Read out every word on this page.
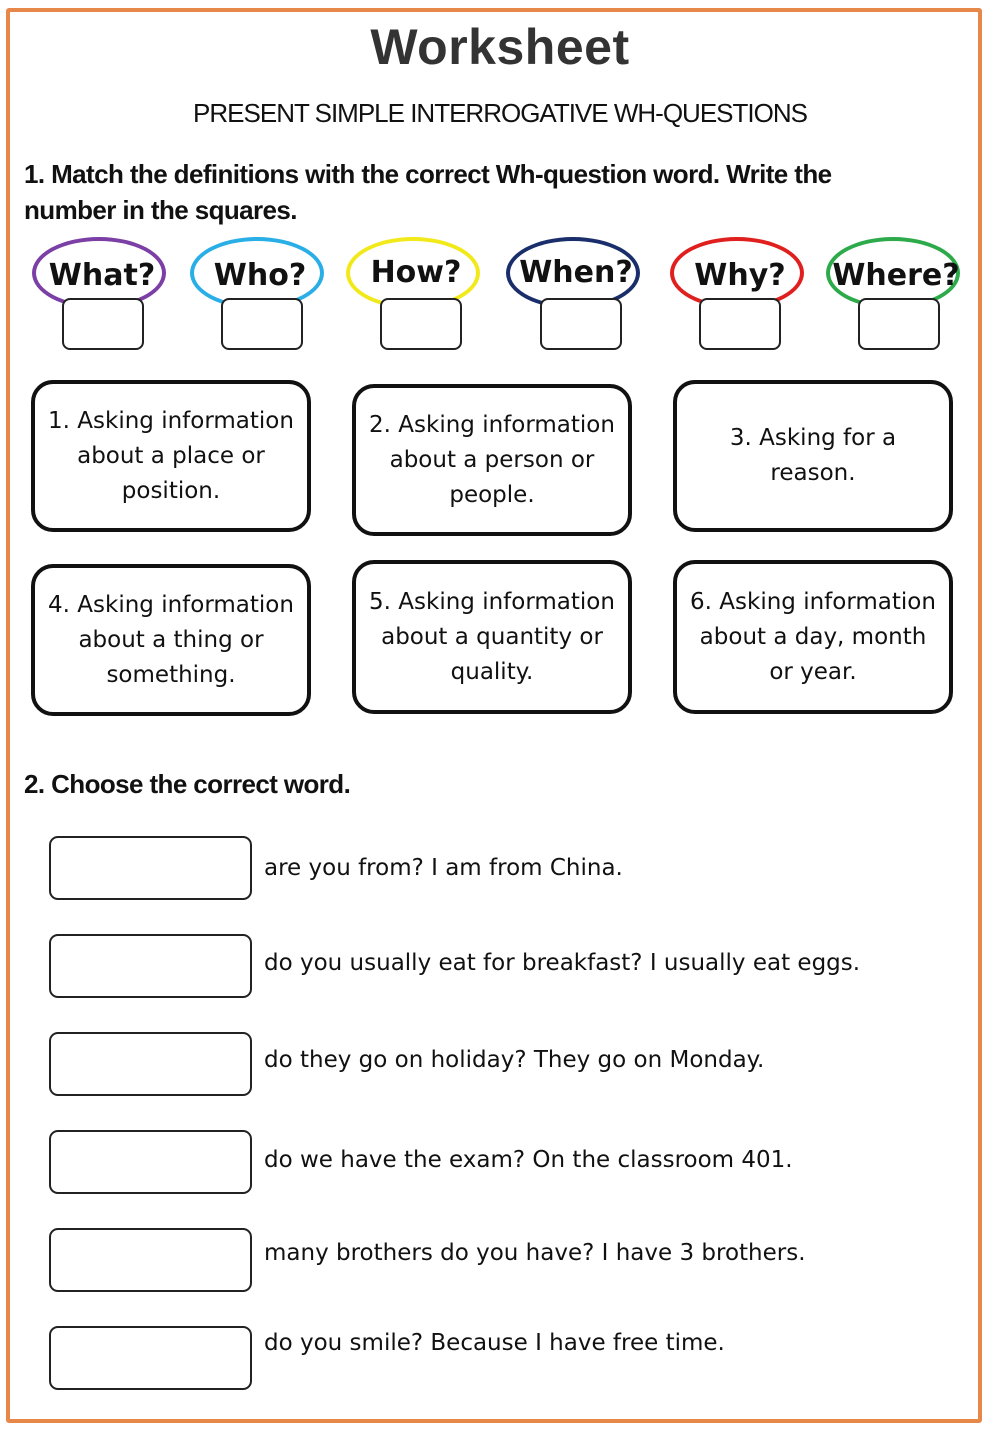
Worksheet
PRESENT SIMPLE INTERROGATIVE WH-QUESTIONS
1. Match the definitions with the correct Wh-question word. Write the number in the squares.
What?	Who?	How?	When?	Why?	Where?
1. Asking information about a place or position.
2. Asking information about a person or people.
3. Asking for a reason.
4. Asking information about a thing or something.
5. Asking information about a quantity or quality.
6. Asking information about a day, month or year.
2. Choose the correct word.
are you from? I am from China.
do you usually eat for breakfast? I usually eat eggs.
do they go on holiday? They go on Monday.
do we have the exam? On the classroom 401.
many brothers do you have? I have 3 brothers.
do you smile? Because I have free time.
